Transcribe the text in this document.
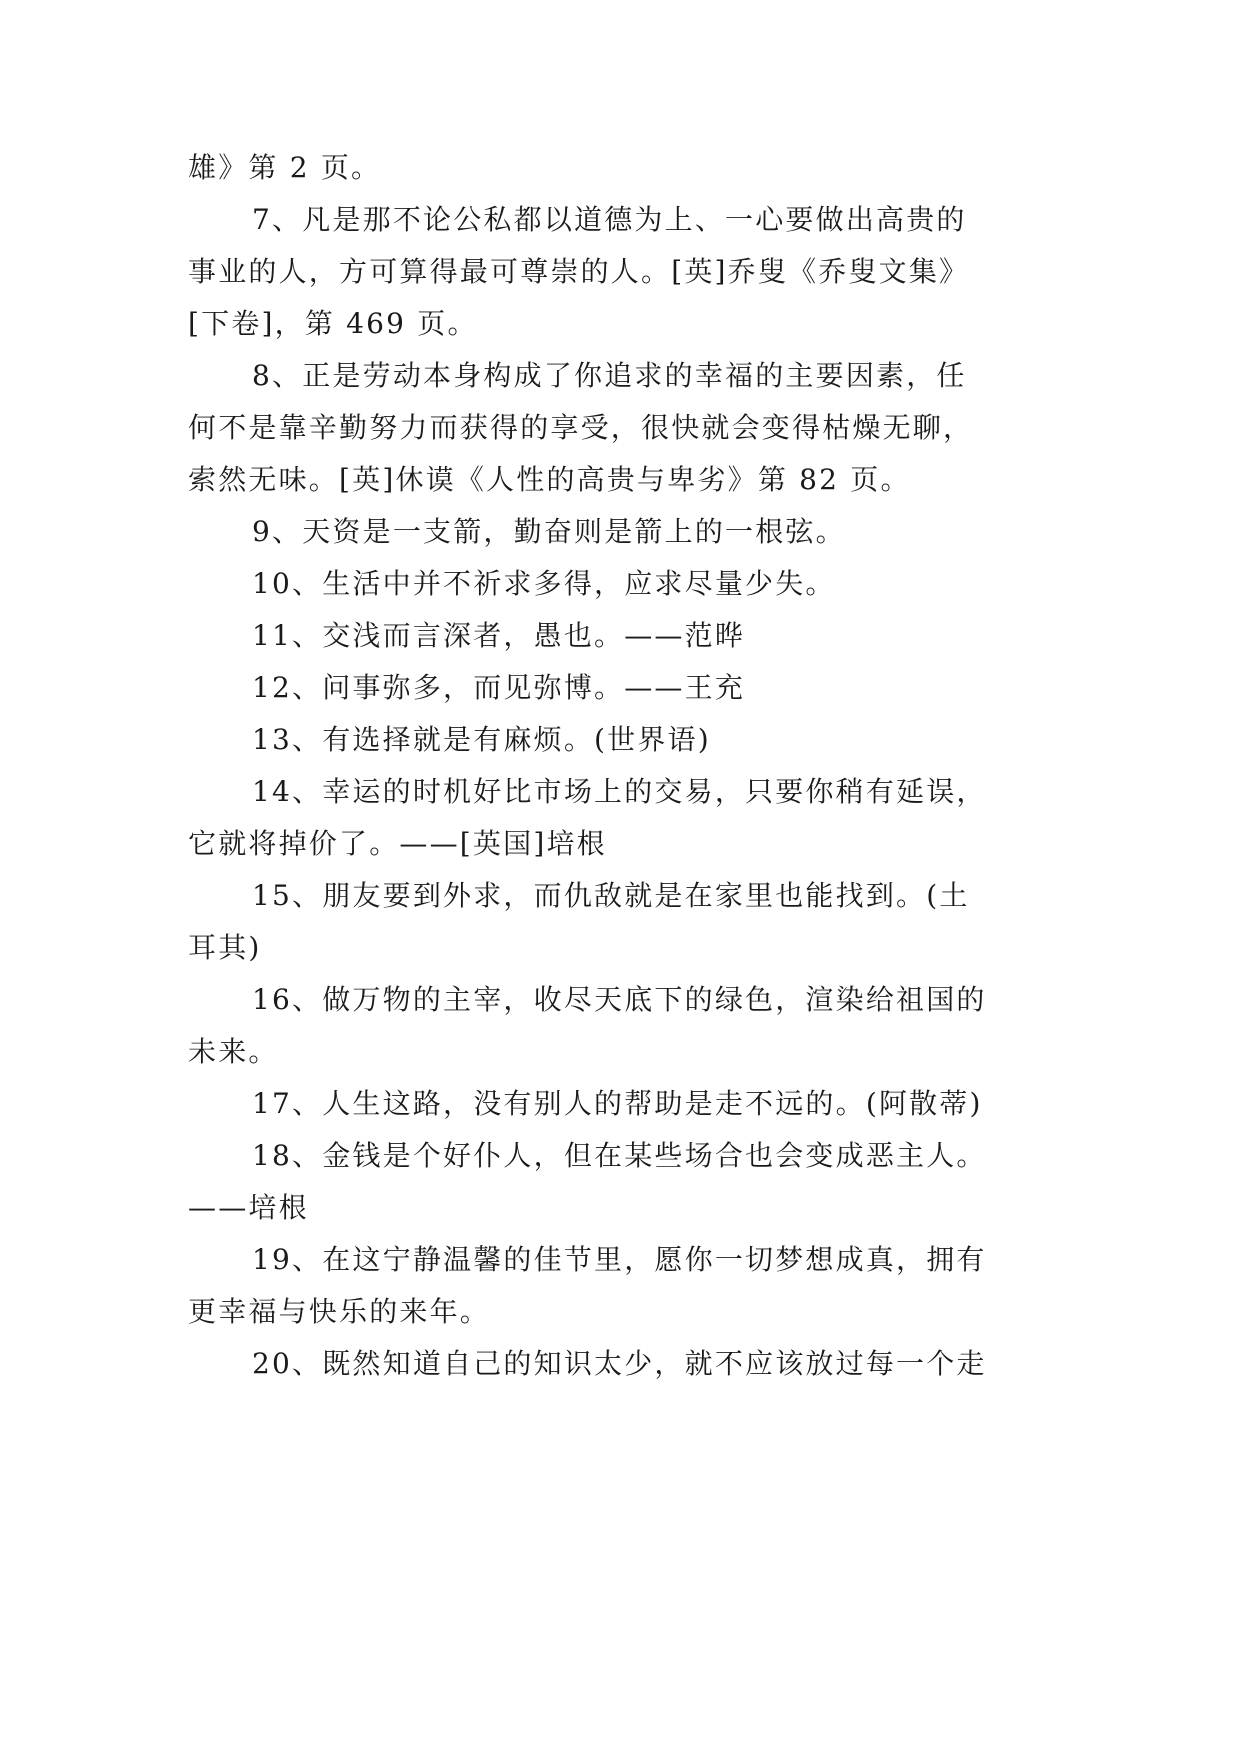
雄》第 2 页。
7、凡是那不论公私都以道德为上、一心要做出高贵的
事业的人，方可算得最可尊崇的人。[英]乔叟《乔叟文集》
[下卷]，第 469 页。
8、正是劳动本身构成了你追求的幸福的主要因素，任
何不是靠辛勤努力而获得的享受，很快就会变得枯燥无聊，
索然无味。[英]休谟《人性的高贵与卑劣》第 82 页。
9、天资是一支箭，勤奋则是箭上的一根弦。
10、生活中并不祈求多得，应求尽量少失。
11、交浅而言深者，愚也。——范晔
12、问事弥多，而见弥博。——王充
13、有选择就是有麻烦。(世界语)
14、幸运的时机好比市场上的交易，只要你稍有延误，
它就将掉价了。——[英国]培根
15、朋友要到外求，而仇敌就是在家里也能找到。(土
耳其)
16、做万物的主宰，收尽天底下的绿色，渲染给祖国的
未来。
17、人生这路，没有别人的帮助是走不远的。(阿散蒂)
18、金钱是个好仆人，但在某些场合也会变成恶主人。
——培根
19、在这宁静温馨的佳节里，愿你一切梦想成真，拥有
更幸福与快乐的来年。
20、既然知道自己的知识太少，就不应该放过每一个走
